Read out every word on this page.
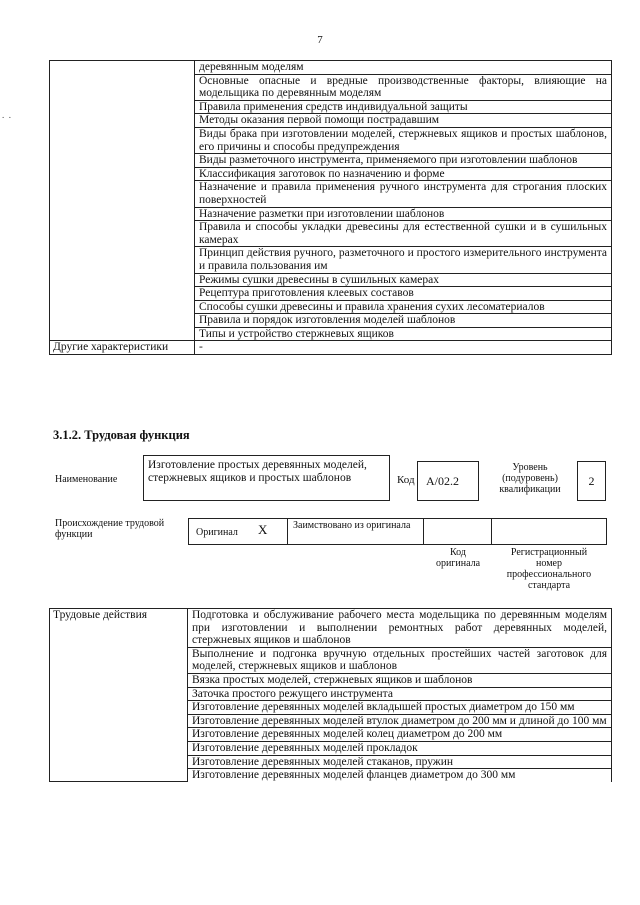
7
.  .
	деревянным моделям
	Основные опасные и вредные производственные факторы, влияющие на модельщика по деревянным моделям
	Правила применения средств индивидуальной защиты
	Методы оказания первой помощи пострадавшим
	Виды брака при изготовлении моделей, стержневых ящиков и простых шаблонов, его причины и способы предупреждения
	Виды разметочного инструмента, применяемого при изготовлении шаблонов
	Классификация заготовок по назначению и форме
	Назначение и правила применения ручного инструмента для строгания плоских поверхностей
	Назначение разметки при изготовлении шаблонов
	Правила и способы укладки древесины для естественной сушки и в сушильных камерах
	Принцип действия ручного, разметочного и простого измерительного инструмента и правила пользования им
	Режимы сушки древесины в сушильных камерах
	Рецептура приготовления клеевых составов
	Способы сушки древесины и правила хранения сухих лесоматериалов
	Правила и порядок изготовления моделей шаблонов
	Типы и устройство стержневых ящиков
Другие характеристики	-
3.1.2. Трудовая функция
Наименование
Изготовление простых деревянных моделей, стержневых ящиков и простых шаблонов	Код А/02.2
Уровень (подуровень) квалификации
2
Происхождение трудовой функции	Оригинал X	Заимствовано из оригинала
Код оригинала
Регистрационный номер профессионального стандарта
Трудовые действия	Подготовка и обслуживание рабочего места модельщика по деревянным моделям при изготовлении и выполнении ремонтных работ деревянных моделей, стержневых ящиков и шаблонов
Выполнение и подгонка вручную отдельных простейших частей заготовок для моделей, стержневых ящиков и шаблонов
Вязка простых моделей, стержневых ящиков и шаблонов
Заточка простого режущего инструмента
Изготовление деревянных моделей вкладышей простых диаметром до 150 мм
Изготовление деревянных моделей втулок диаметром до 200 мм и длиной до 100 мм
Изготовление деревянных моделей колец диаметром до 200 мм
Изготовление деревянных моделей прокладок
Изготовление деревянных моделей стаканов, пружин
Изготовление деревянных моделей фланцев диаметром до 300 мм
